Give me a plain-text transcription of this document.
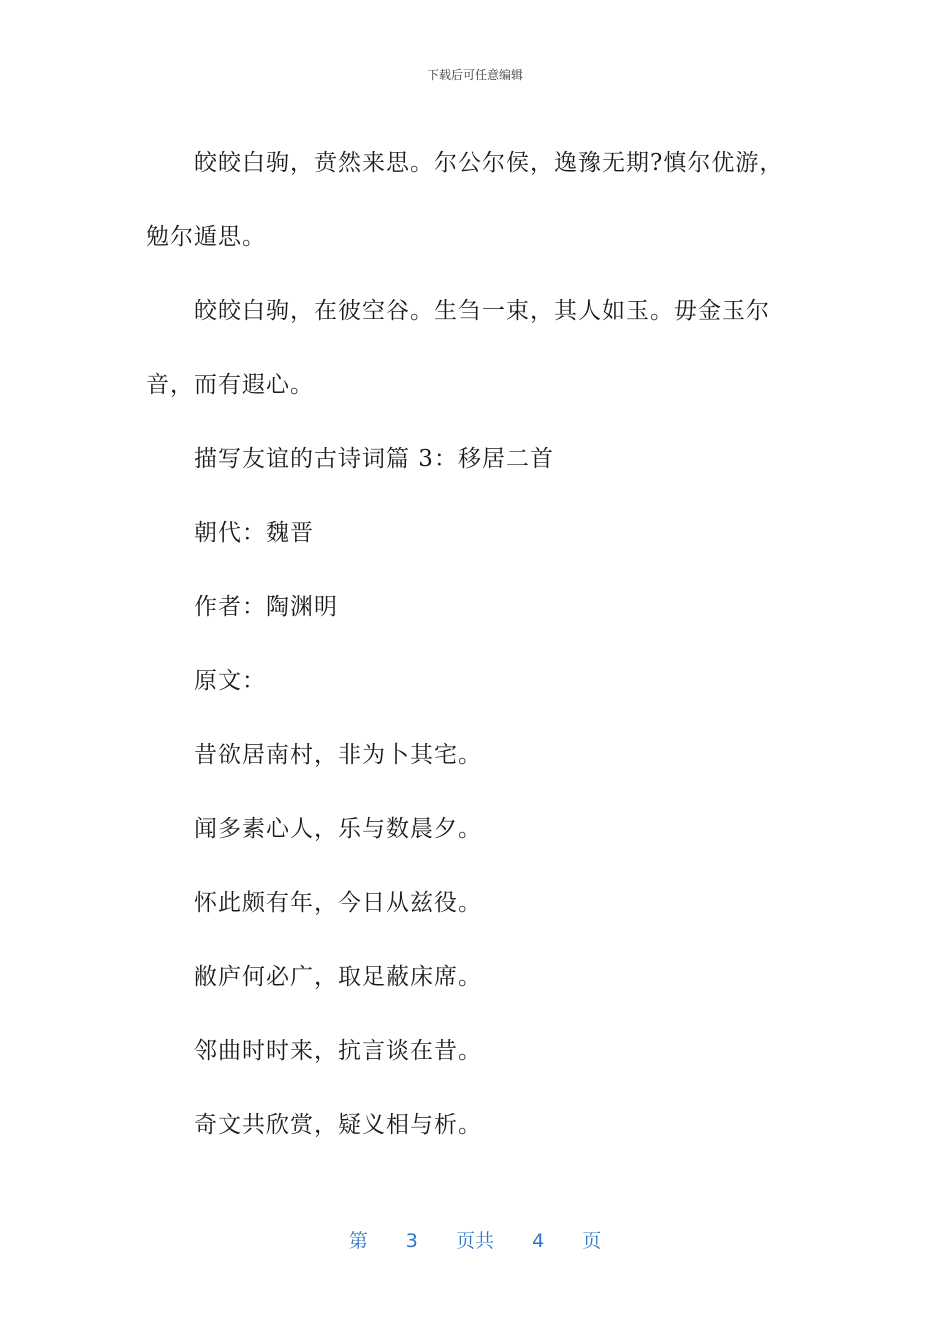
下载后可任意编辑

皎皎白驹，贲然来思。尔公尔侯，逸豫无期?慎尔优游，勉尔遁思。

皎皎白驹，在彼空谷。生刍一束，其人如玉。毋金玉尔音，而有遐心。

描写友谊的古诗词篇 3：移居二首

朝代：魏晋

作者：陶渊明

原文：

昔欲居南村，非为卜其宅。

闻多素心人，乐与数晨夕。

怀此颇有年，今日从兹役。

敝庐何必广，取足蔽床席。

邻曲时时来，抗言谈在昔。

奇文共欣赏，疑义相与析。

第 3 页共 4 页
